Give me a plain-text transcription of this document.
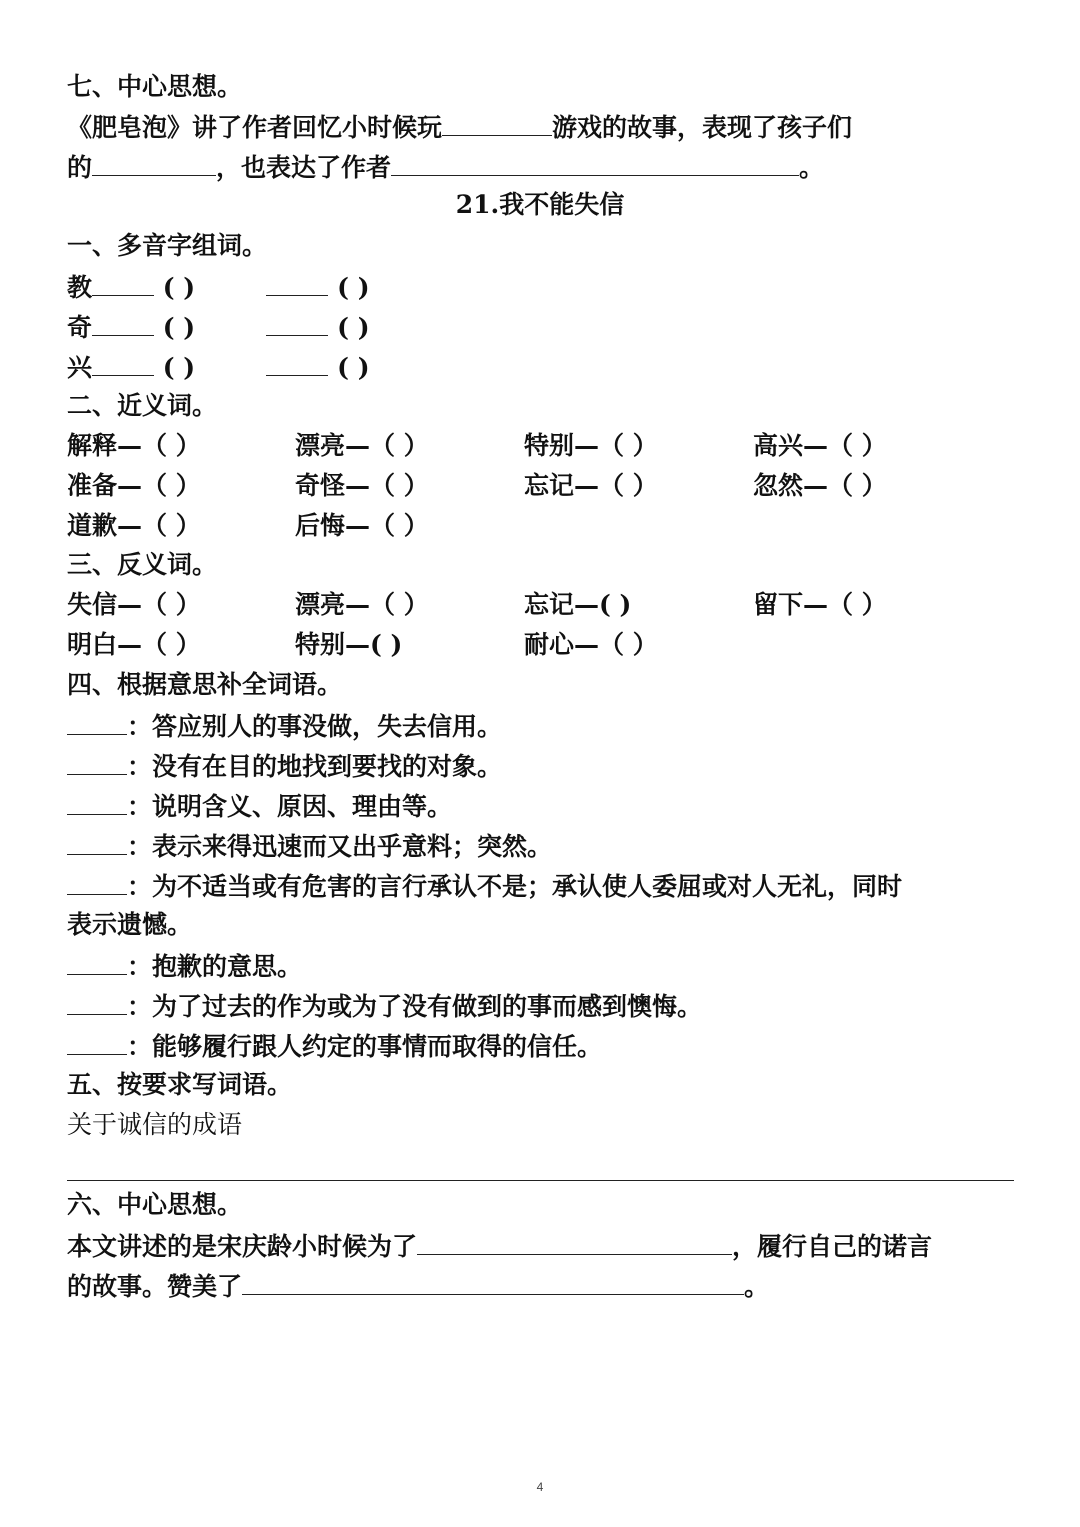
七、中心思想。
《肥皂泡》讲了作者回忆小时候玩	游戏的故事，表现了孩子们
的	，也表达了作者	。
21.我不能失信
一、多音字组词。
教	( )	( )
奇	( )	( )
兴	( )	( )
二、近义词。
解释—（ ）	漂亮—（ ）	特别—（ ）	高兴—（ ）
准备—（ ）	奇怪—（ ）	忘记—（ ）	忽然—（ ）
道歉—（ ）	后悔—（ ）
三、反义词。
失信—（ ）	漂亮—（ ）	忘记—( )	留下—（ ）
明白—（ ）	特别—( )	耐心—（ ）
四、根据意思补全词语。
：答应别人的事没做，失去信用。
：没有在目的地找到要找的对象。
：说明含义、原因、理由等。
：表示来得迅速而又出乎意料；突然。
：为不适当或有危害的言行承认不是；承认使人委屈或对人无礼，同时
表示遗憾。
：抱歉的意思。
：为了过去的作为或为了没有做到的事而感到懊悔。
：能够履行跟人约定的事情而取得的信任。
五、按要求写词语。
关于诚信的成语
六、中心思想。
本文讲述的是宋庆龄小时候为了	，履行自己的诺言
的故事。赞美了	。
4
